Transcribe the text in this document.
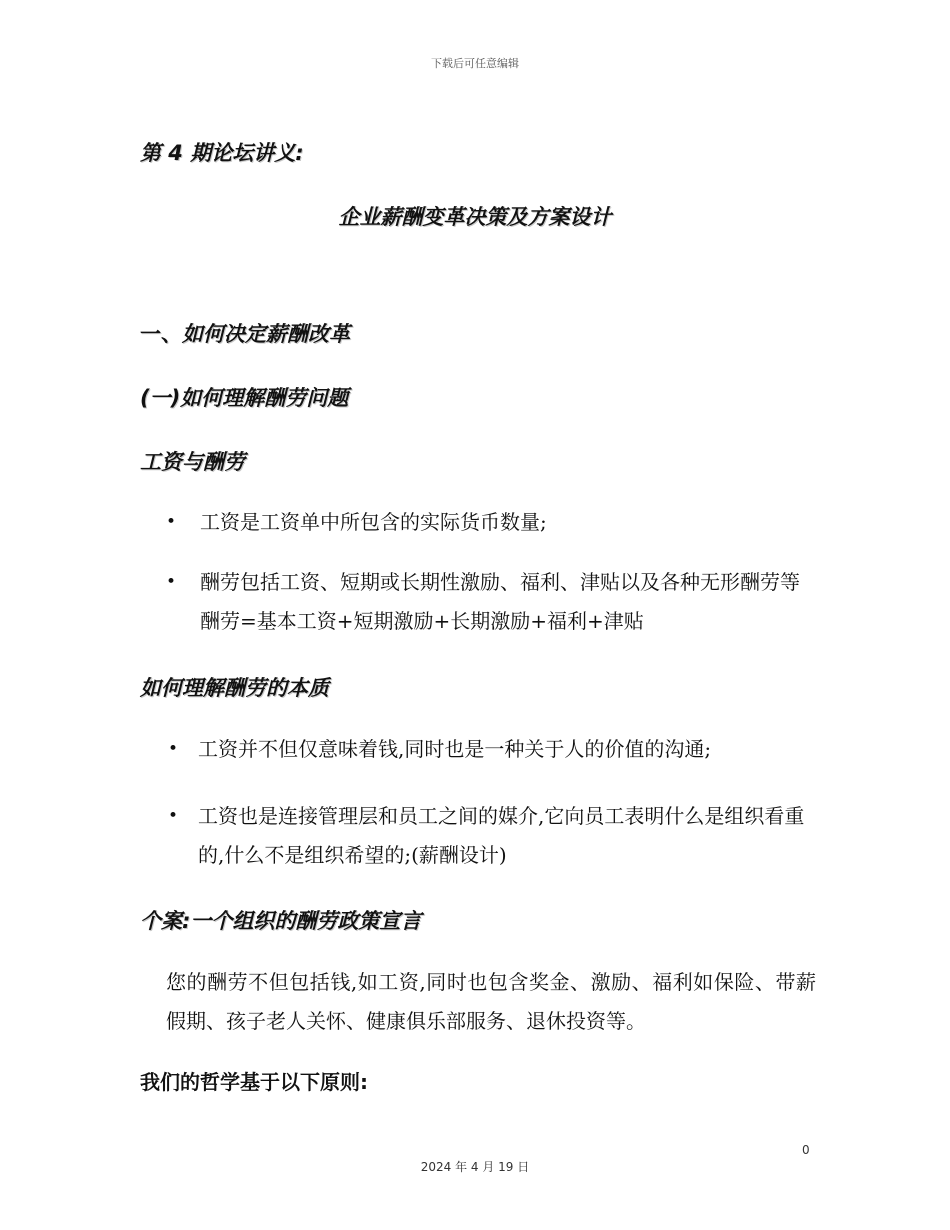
下载后可任意编辑
第 4 期论坛讲义:
企业薪酬变革决策及方案设计
一、如何决定薪酬改革
(一)如何理解酬劳问题
工资与酬劳
• 工资是工资单中所包含的实际货币数量;
• 酬劳包括工资、短期或长期性激励、福利、津贴以及各种无形酬劳等酬劳=基本工资+短期激励+长期激励+福利+津贴
如何理解酬劳的本质
• 工资并不但仅意味着钱,同时也是一种关于人的价值的沟通;
• 工资也是连接管理层和员工之间的媒介,它向员工表明什么是组织看重的,什么不是组织希望的;(薪酬设计)
个案:一个组织的酬劳政策宣言
您的酬劳不但包括钱,如工资,同时也包含奖金、激励、福利如保险、带薪假期、孩子老人关怀、健康俱乐部服务、退休投资等。
我们的哲学基于以下原则:
0
2024 年 4 月 19 日
